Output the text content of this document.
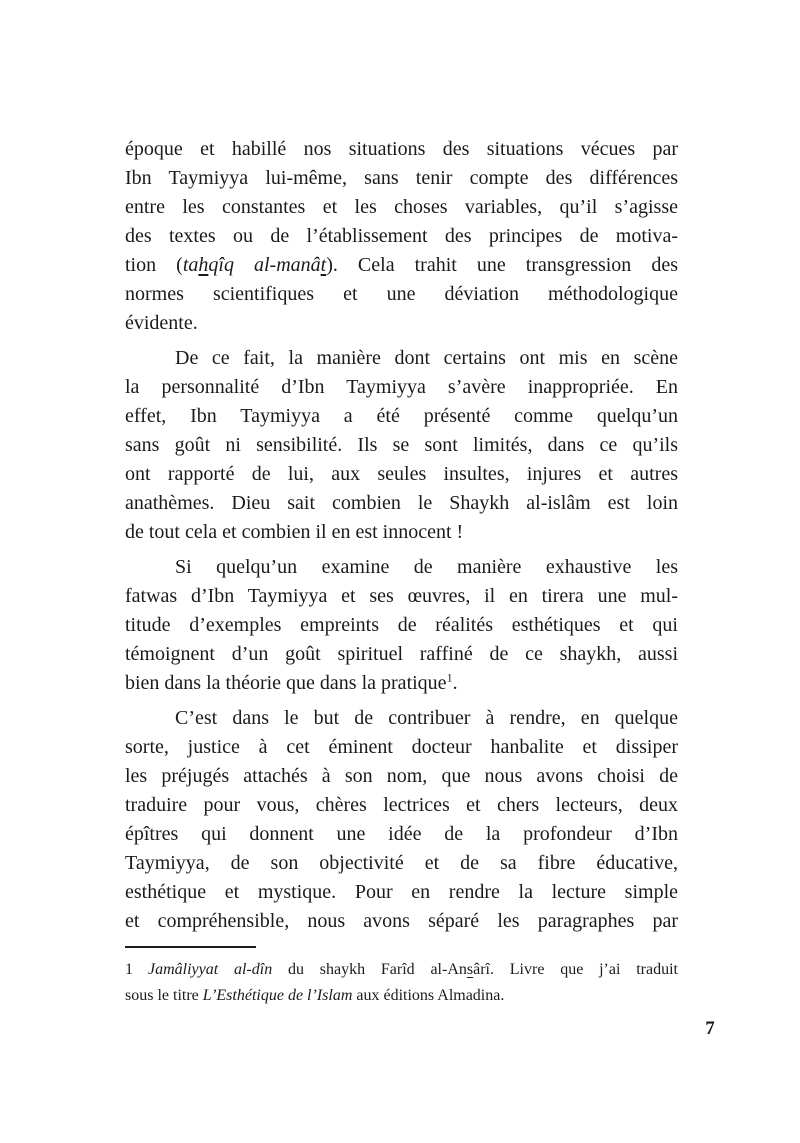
époque et habillé nos situations des situations vécues par
Ibn Taymiyya lui-même, sans tenir compte des différences
entre les constantes et les choses variables, qu’il s’agisse
des textes ou de l’établissement des principes de motiva-
tion (tahqîq al-manât). Cela trahit une transgression des
normes scientifiques et une déviation méthodologique
évidente.
De ce fait, la manière dont certains ont mis en scène
la personnalité d’Ibn Taymiyya s’avère inappropriée. En
effet, Ibn Taymiyya a été présenté comme quelqu’un
sans goût ni sensibilité. Ils se sont limités, dans ce qu’ils
ont rapporté de lui, aux seules insultes, injures et autres
anathèmes. Dieu sait combien le Shaykh al-islâm est loin
de tout cela et combien il en est innocent !
Si quelqu’un examine de manière exhaustive les
fatwas d’Ibn Taymiyya et ses œuvres, il en tirera une mul-
titude d’exemples empreints de réalités esthétiques et qui
témoignent d’un goût spirituel raffiné de ce shaykh, aussi
bien dans la théorie que dans la pratique$^1$.
C’est dans le but de contribuer à rendre, en quelque
sorte, justice à cet éminent docteur hanbalite et dissiper
les préjugés attachés à son nom, que nous avons choisi de
traduire pour vous, chères lectrices et chers lecteurs, deux
épîtres qui donnent une idée de la profondeur d’Ibn
Taymiyya, de son objectivité et de sa fibre éducative,
esthétique et mystique. Pour en rendre la lecture simple
et compréhensible, nous avons séparé les paragraphes par
1 Jamâliyyat al-dîn du shaykh Farîd al-Ansârî. Livre que j’ai traduit
sous le titre L’Esthétique de l’Islam aux éditions Almadina.
7
